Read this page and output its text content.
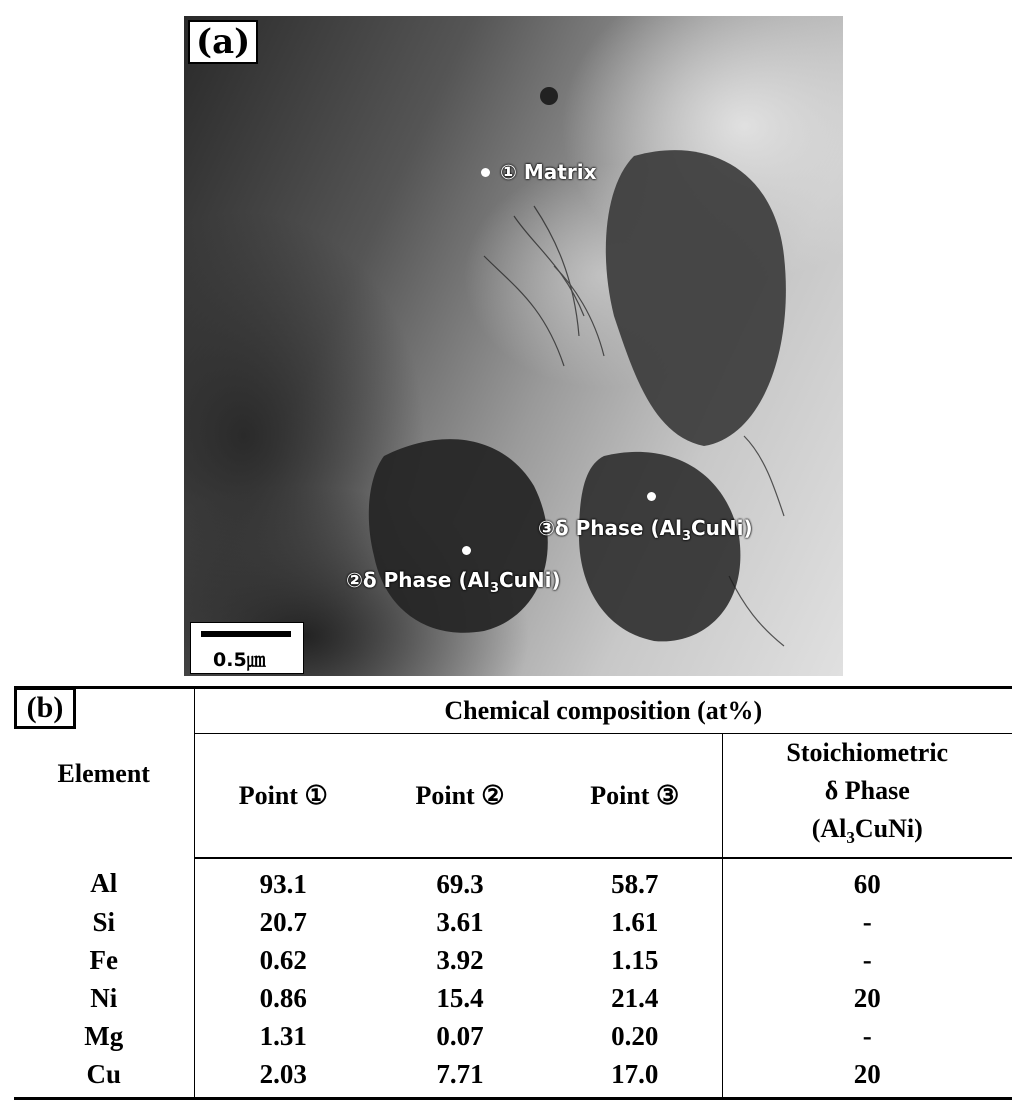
(a)
① Matrix
②δ Phase $(Al_3CuNi)$
③δ Phase $(Al_3CuNi)$
0.5㎛
Element	Chemical composition (at%)			
	Point ①	Point ②	Point ③	Stoichiometric
δ Phase
$(Al_3CuNi)$

Al	93.1	69.3	58.7	60
Si	20.7	3.61	1.61	-
Fe	0.62	3.92	1.15	-
Ni	0.86	15.4	21.4	20
Mg	1.31	0.07	0.20	-
Cu	2.03	7.71	17.0	20
(b)
